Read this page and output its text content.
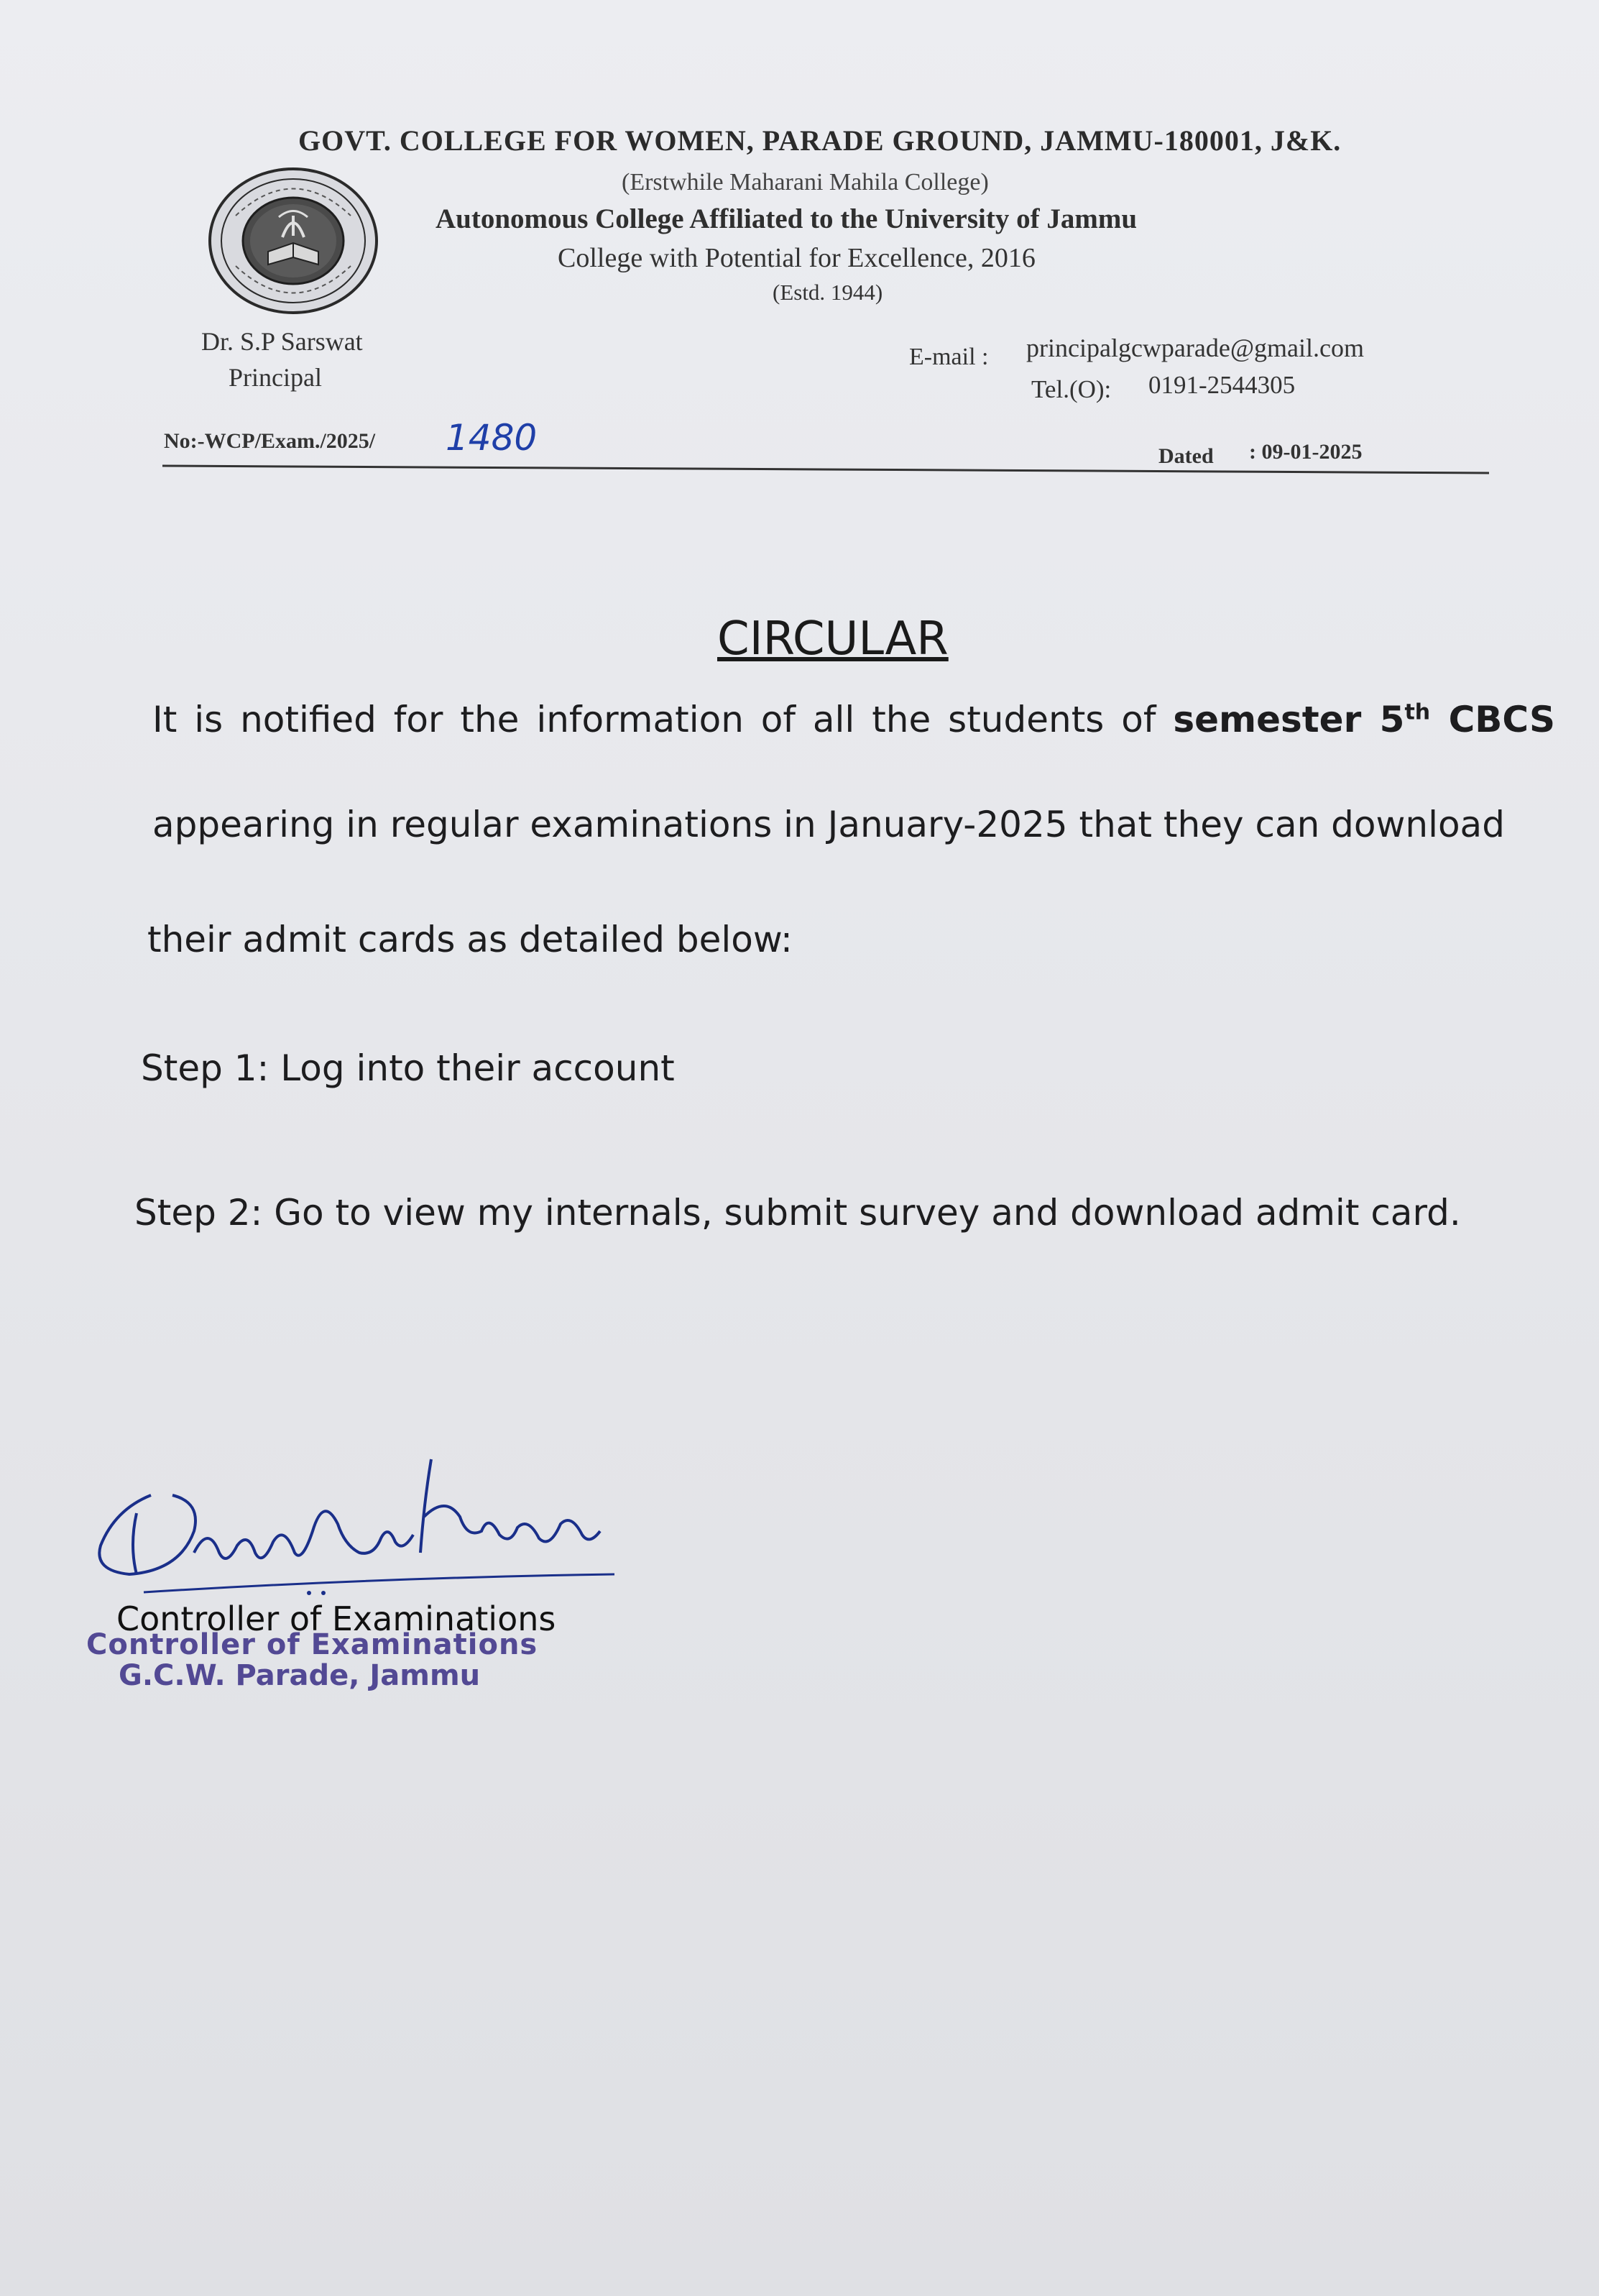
GOVT. COLLEGE FOR WOMEN, PARADE GROUND, JAMMU-180001, J&K.
(Erstwhile Maharani Mahila College)
Autonomous College Affiliated to the University of Jammu
College with Potential for Excellence, 2016
(Estd. 1944)
Dr. S.P Sarswat
Principal
E-mail : principalgcwparade@gmail.com
Tel.(O): 0191-2544305
No:-WCP/Exam./2025/ 1480	Dated : 09-01-2025
CIRCULAR
It is notified for the information of all the students of semester 5th CBCS
appearing in regular examinations in January-2025 that they can download
their admit cards as detailed below:
Step 1: Log into their account
Step 2: Go to view my internals, submit survey and download admit card.
Controller of Examinations
Controller of Examinations
G.C.W. Parade, Jammu
